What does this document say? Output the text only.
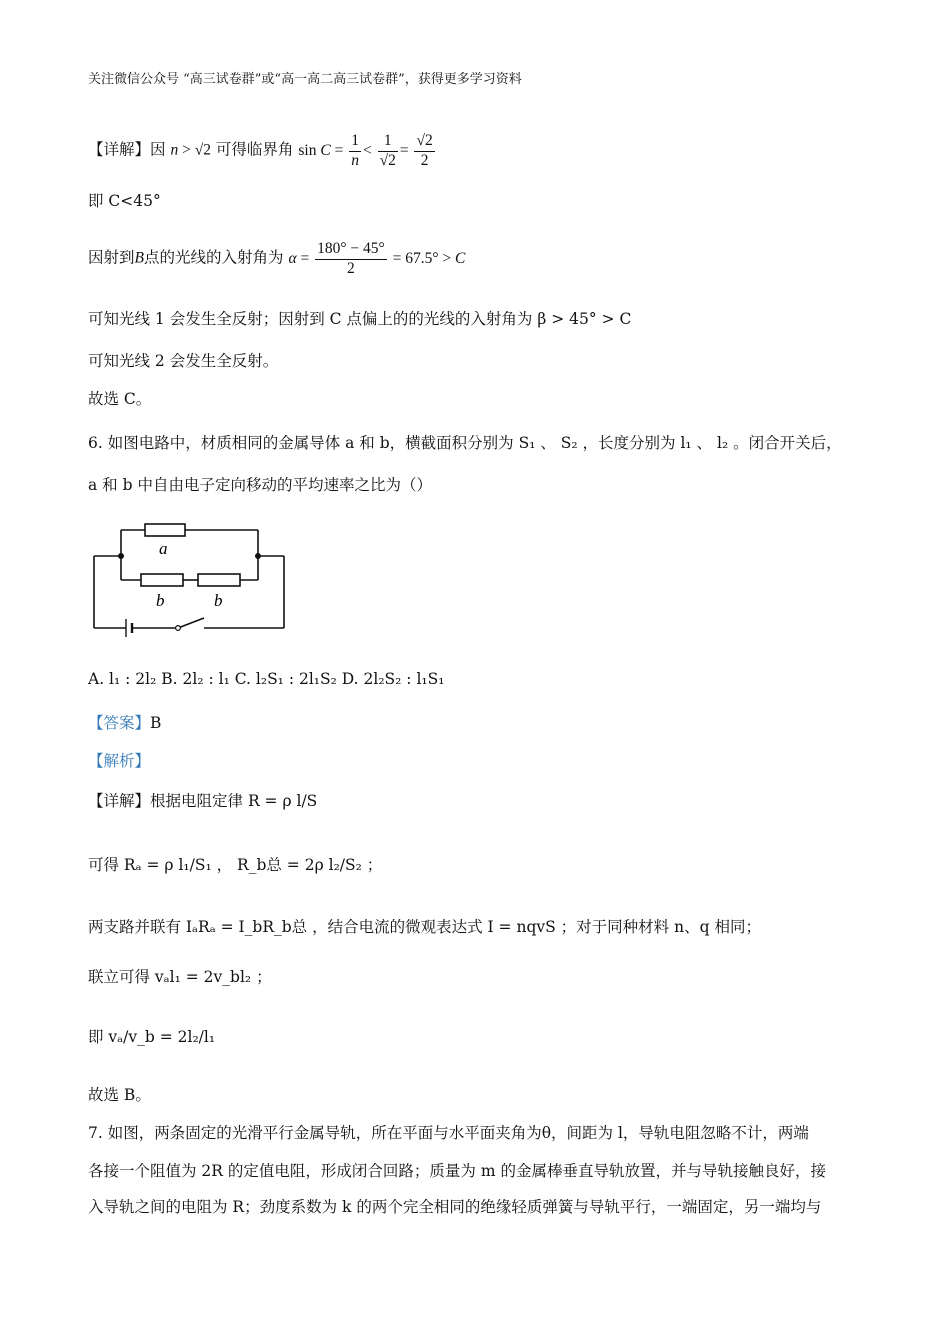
关注微信公众号 “高三试卷群”或“高一高二高三试卷群”，获得更多学习资料
【详解】因 n > √2 可得临界角 $\sin C = \frac{1}{n} < \frac{1}{√2} = \frac{√2}{2}$
即 C<45°
因射到B点的光线的入射角为 $\alpha = \frac{180^\circ - 45^\circ}{2} = 67.5^\circ > C$
可知光线 1 会发生全反射；因射到 C 点偏上的的光线的入射角为 β > 45° > C
可知光线 2 会发生全反射。
故选 C。
6. 如图电路中，材质相同的金属导体 a 和 b，横截面积分别为 S₁ 、 S₂ ，长度分别为 l₁ 、 l₂ 。闭合开关后，
a 和 b 中自由电子定向移动的平均速率之比为（）
a
b	b
A. l₁ : 2l₂ B. 2l₂ : l₁ C. l₂S₁ : 2l₁S₂ D. 2l₂S₂ : l₁S₁
【答案】B
【解析】
【详解】根据电阻定律 R = ρ l/S
可得 Rₐ = ρ l₁/S₁ ， R_b总 = 2ρ l₂/S₂ ；
两支路并联有 IₐRₐ = I_bR_b总 ，结合电流的微观表达式 I = nqvS ；对于同种材料 n、q 相同；
联立可得 vₐl₁ = 2v_bl₂ ；
即 vₐ/v_b = 2l₂/l₁
故选 B。
7. 如图，两条固定的光滑平行金属导轨，所在平面与水平面夹角为θ，间距为 l，导轨电阻忽略不计，两端
各接一个阻值为 2R 的定值电阻，形成闭合回路；质量为 m 的金属棒垂直导轨放置，并与导轨接触良好，接
入导轨之间的电阻为 R；劲度系数为 k 的两个完全相同的绝缘轻质弹簧与导轨平行，一端固定，另一端均与
